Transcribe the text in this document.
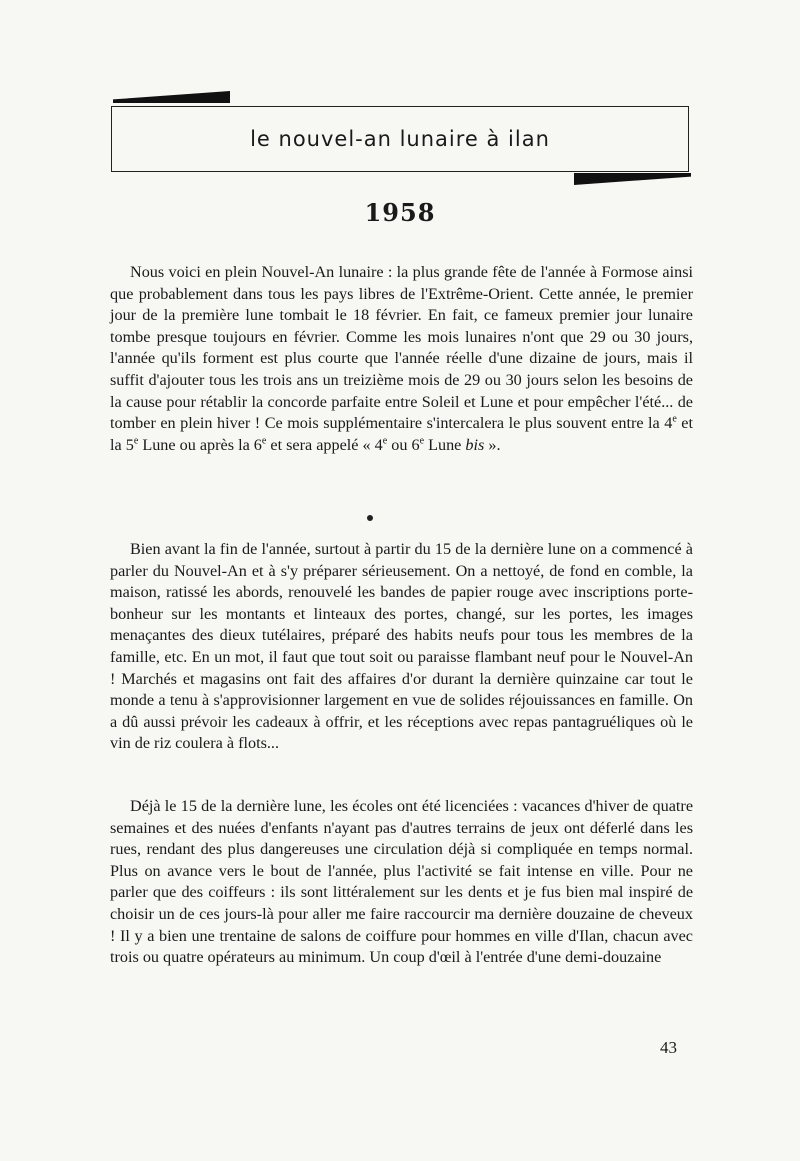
le nouvel-an lunaire à ilan
1958

Nous voici en plein Nouvel-An lunaire : la plus grande fête de l'année à Formose ainsi que probablement dans tous les pays libres de l'Extrême-Orient. Cette année, le premier jour de la première lune tombait le 18 février. En fait, ce fameux premier jour lunaire tombe presque toujours en février. Comme les mois lunaires n'ont que 29 ou 30 jours, l'année qu'ils forment est plus courte que l'année réelle d'une dizaine de jours, mais il suffit d'ajouter tous les trois ans un treizième mois de 29 ou 30 jours selon les besoins de la cause pour rétablir la concorde parfaite entre Soleil et Lune et pour empêcher l'été... de tomber en plein hiver ! Ce mois supplémentaire s'intercalera le plus souvent entre la 4e et la 5e Lune ou après la 6e et sera appelé « 4e ou 6e Lune bis ».

Bien avant la fin de l'année, surtout à partir du 15 de la dernière lune on a commencé à parler du Nouvel-An et à s'y préparer sérieusement. On a nettoyé, de fond en comble, la maison, ratissé les abords, renouvelé les bandes de papier rouge avec inscriptions porte-bonheur sur les montants et linteaux des portes, changé, sur les portes, les images menaçantes des dieux tutélaires, préparé des habits neufs pour tous les membres de la famille, etc. En un mot, il faut que tout soit ou paraisse flambant neuf pour le Nouvel-An ! Marchés et magasins ont fait des affaires d'or durant la dernière quinzaine car tout le monde a tenu à s'approvisionner largement en vue de solides réjouissances en famille. On a dû aussi prévoir les cadeaux à offrir, et les réceptions avec repas pantagruéliques où le vin de riz coulera à flots...

Déjà le 15 de la dernière lune, les écoles ont été licenciées : vacances d'hiver de quatre semaines et des nuées d'enfants n'ayant pas d'autres terrains de jeux ont déferlé dans les rues, rendant des plus dangereuses une circulation déjà si compliquée en temps normal. Plus on avance vers le bout de l'année, plus l'activité se fait intense en ville. Pour ne parler que des coiffeurs : ils sont littéralement sur les dents et je fus bien mal inspiré de choisir un de ces jours-là pour aller me faire raccourcir ma dernière douzaine de cheveux ! Il y a bien une trentaine de salons de coiffure pour hommes en ville d'Ilan, chacun avec trois ou quatre opérateurs au minimum. Un coup d'œil à l'entrée d'une demi-douzaine

43
